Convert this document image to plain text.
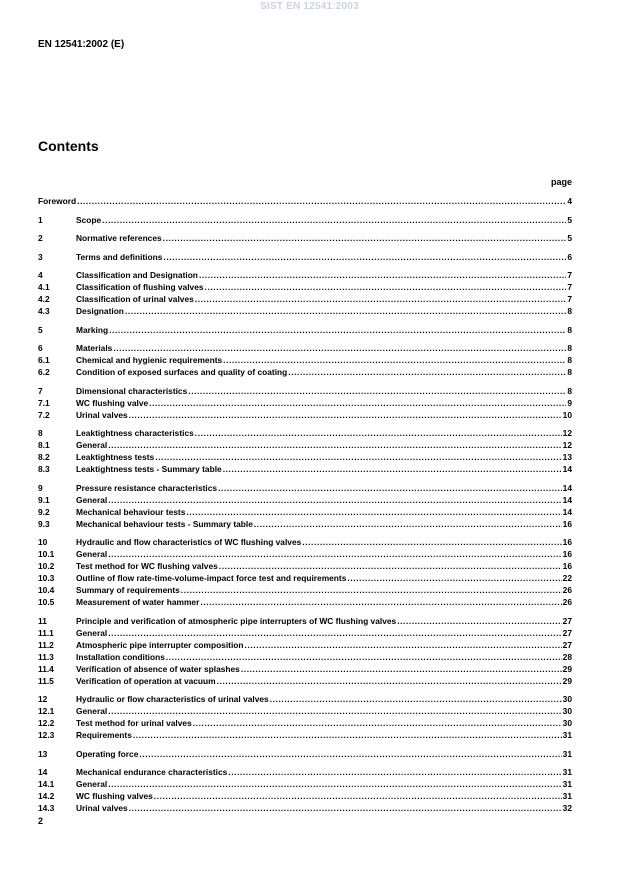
SIST EN 12541:2003
EN 12541:2002 (E)
Contents
page
Foreword .....	4
1	Scope .....	5
2	Normative references .....	5
3	Terms and definitions .....	6
4	Classification and Designation .....	7
4.1	Classification of flushing valves .....	7
4.2	Classification of urinal valves .....	7
4.3	Designation .....	8
5	Marking .....	8
6	Materials .....	8
6.1	Chemical and hygienic requirements .....	8
6.2	Condition of exposed surfaces and quality of coating .....	8
7	Dimensional characteristics .....	8
7.1	WC flushing valve .....	9
7.2	Urinal valves .....	10
8	Leaktightness characteristics .....	12
8.1	General .....	12
8.2	Leaktightness tests .....	13
8.3	Leaktightness tests - Summary table .....	14
9	Pressure resistance characteristics .....	14
9.1	General .....	14
9.2	Mechanical behaviour tests .....	14
9.3	Mechanical behaviour tests - Summary table .....	16
10	Hydraulic and flow characteristics of WC flushing valves .....	16
10.1	General .....	16
10.2	Test method for WC flushing valves .....	16
10.3	Outline of flow rate-time-volume-impact force test and requirements .....	22
10.4	Summary of requirements .....	26
10.5	Measurement of water hammer .....	26
11	Principle and verification of atmospheric pipe interrupters of WC flushing valves .....	27
11.1	General .....	27
11.2	Atmospheric pipe interrupter composition .....	27
11.3	Installation conditions .....	28
11.4	Verification of absence of water splashes .....	29
11.5	Verification of operation at vacuum .....	29
12	Hydraulic or flow characteristics of urinal valves .....	30
12.1	General .....	30
12.2	Test method for urinal valves .....	30
12.3	Requirements .....	31
13	Operating force .....	31
14	Mechanical endurance characteristics .....	31
14.1	General .....	31
14.2	WC flushing valves .....	31
14.3	Urinal valves .....	32
2
